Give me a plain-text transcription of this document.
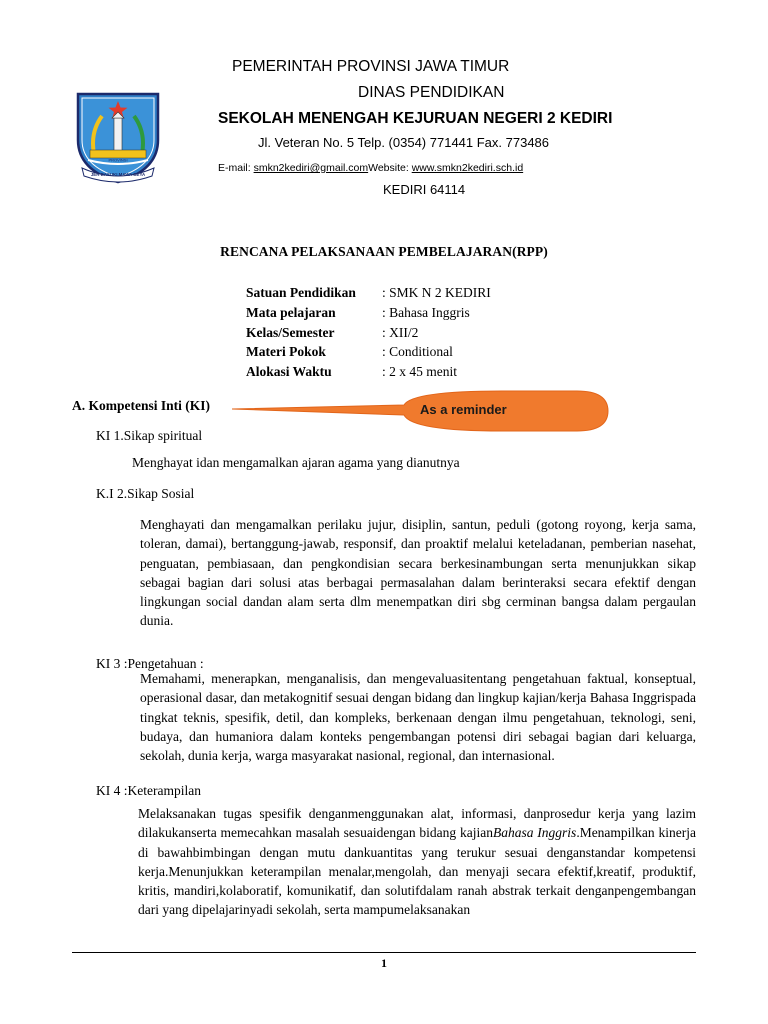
PROVINSI
JER BASUKI MAWA BEYA
PEMERINTAH PROVINSI JAWA TIMUR
DINAS PENDIDIKAN
SEKOLAH MENENGAH KEJURUAN NEGERI 2 KEDIRI
Jl. Veteran No. 5 Telp. (0354) 771441 Fax. 773486
E-mail: smkn2kediri@gmail.comWebsite: www.smkn2kediri.sch.id
KEDIRI 64114
RENCANA PELAKSANAAN PEMBELAJARAN(RPP)
Satuan Pendidikan	: SMK N 2 KEDIRI
Mata pelajaran	: Bahasa Inggris
Kelas/Semester	: XII/2
Materi Pokok	: Conditional
Alokasi Waktu	: 2 x 45 menit
A. Kompetensi Inti (KI)	As a reminder
KI 1.Sikap spiritual
Menghayat idan mengamalkan ajaran agama yang dianutnya
K.I 2.Sikap Sosial
Menghayati dan mengamalkan perilaku jujur, disiplin, santun, peduli (gotong royong, kerja sama, toleran, damai), bertanggung-jawab, responsif, dan proaktif melalui keteladanan, pemberian nasehat, penguatan, pembiasaan, dan pengkondisian secara berkesinambungan serta menunjukkan sikap sebagai bagian dari solusi atas berbagai permasalahan dalam berinteraksi secara efektif dengan lingkungan social dandan alam serta dlm menempatkan diri sbg cerminan bangsa dalam pergaulan dunia.
KI 3 :Pengetahuan :
Memahami, menerapkan, menganalisis, dan mengevaluasitentang pengetahuan faktual, konseptual, operasional dasar, dan metakognitif sesuai dengan bidang dan lingkup kajian/kerja Bahasa Inggrispada tingkat teknis, spesifik, detil, dan kompleks, berkenaan dengan ilmu pengetahuan, teknologi, seni, budaya, dan humaniora dalam konteks pengembangan potensi diri sebagai bagian dari keluarga, sekolah, dunia kerja, warga masyarakat nasional, regional, dan internasional.
KI 4 :Keterampilan
Melaksanakan tugas spesifik denganmenggunakan alat, informasi, danprosedur kerja yang lazim dilakukanserta memecahkan masalah sesuaidengan bidang kajianBahasa Inggris.Menampilkan kinerja di bawahbimbingan dengan mutu dankuantitas yang terukur sesuai denganstandar kompetensi kerja.Menunjukkan keterampilan menalar,mengolah, dan menyaji secara efektif,kreatif, produktif, kritis, mandiri,kolaboratif, komunikatif, dan solutifdalam ranah abstrak terkait denganpengembangan dari yang dipelajarinyadi sekolah, serta mampumelaksanakan
1
